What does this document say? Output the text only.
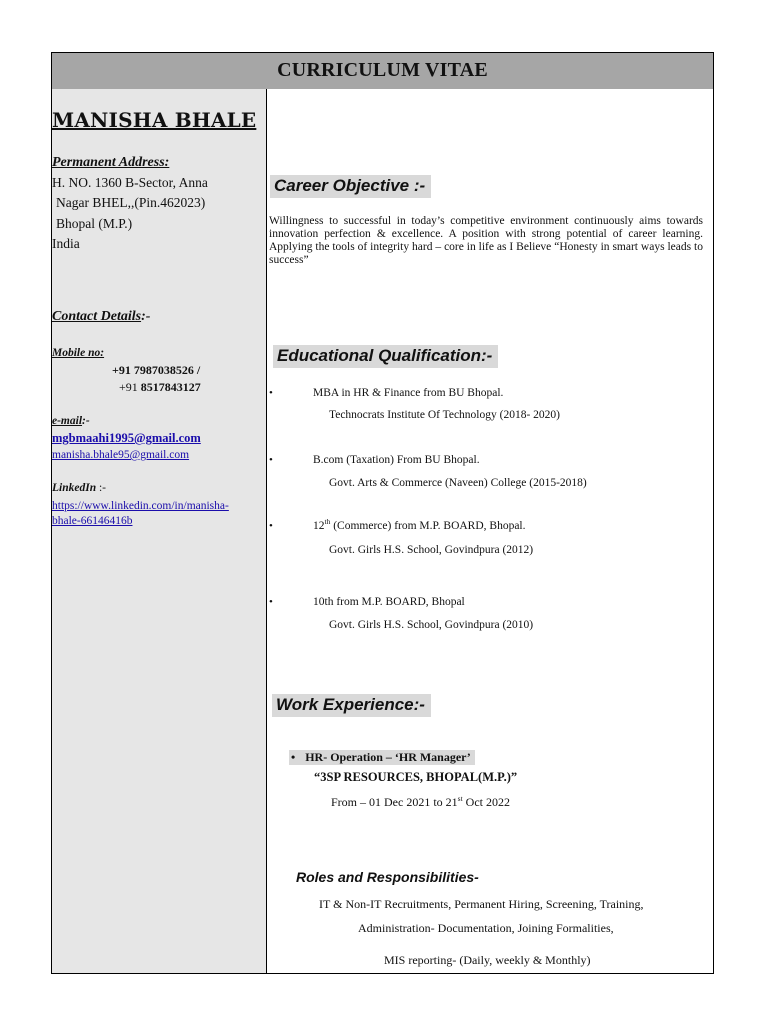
CURRICULUM VITAE
MANISHA BHALE
Permanent Address:
H. NO. 1360 B-Sector, Anna
Nagar BHEL,,(Pin.462023)
Bhopal (M.P.)
India
Contact Details:-
Mobile no:
+91 7987038526 /
+91 8517843127
e-mail:-
mgbmaahi1995@gmail.com
manisha.bhale95@gmail.com
LinkedIn :-
https://www.linkedin.com/in/manisha-
bhale-66146416b
Career Objective :-
Willingness to successful in today’s competitive environment continuously aims towards innovation perfection & excellence. A position with strong potential of career learning. Applying the tools of integrity hard – core in life as I Believe “Honesty in smart ways leads to success”
Educational Qualification:-
•	MBA in HR & Finance from BU Bhopal.
Technocrats Institute Of Technology (2018- 2020)
•	B.com (Taxation) From BU Bhopal.
Govt. Arts & Commerce (Naveen) College (2015-2018)
•	12th (Commerce) from M.P. BOARD, Bhopal.
Govt. Girls H.S. School, Govindpura (2012)
•	10th from M.P. BOARD, Bhopal
Govt. Girls H.S. School, Govindpura (2010)
Work Experience:-
• HR- Operation – ‘HR Manager’
“3SP RESOURCES, BHOPAL(M.P.)”
From – 01 Dec 2021 to 21st Oct 2022
Roles and Responsibilities-
IT & Non-IT Recruitments, Permanent Hiring, Screening, Training,
Administration- Documentation, Joining Formalities,
MIS reporting- (Daily, weekly & Monthly)
